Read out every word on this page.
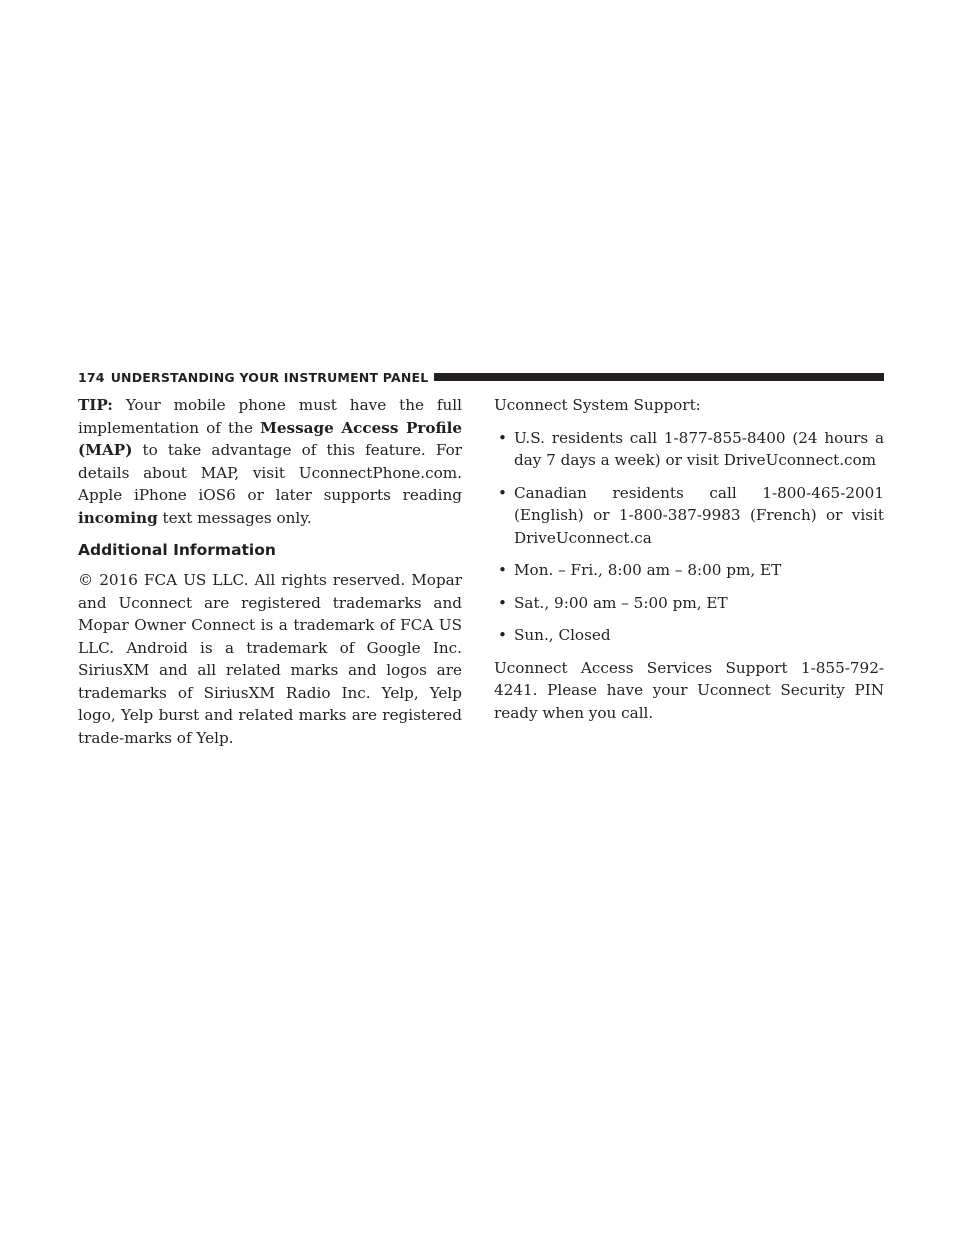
174 UNDERSTANDING YOUR INSTRUMENT PANEL

TIP: Your mobile phone must have the full implementation of the Message Access Profile (MAP) to take advantage of this feature. For details about MAP, visit UconnectPhone.com. Apple iPhone iOS6 or later supports reading incoming text messages only.

Additional Information

© 2016 FCA US LLC. All rights reserved. Mopar and Uconnect are registered trademarks and Mopar Owner Connect is a trademark of FCA US LLC. Android is a trademark of Google Inc. SiriusXM and all related marks and logos are trademarks of SiriusXM Radio Inc. Yelp, Yelp logo, Yelp burst and related marks are registered trade-marks of Yelp.

Uconnect System Support:

• U.S. residents call 1-877-855-8400 (24 hours a day 7 days a week) or visit DriveUconnect.com
• Canadian residents call 1-800-465-2001 (English) or 1-800-387-9983 (French) or visit DriveUconnect.ca
• Mon. – Fri., 8:00 am – 8:00 pm, ET
• Sat., 9:00 am – 5:00 pm, ET
• Sun., Closed

Uconnect Access Services Support 1-855-792-4241. Please have your Uconnect Security PIN ready when you call.
